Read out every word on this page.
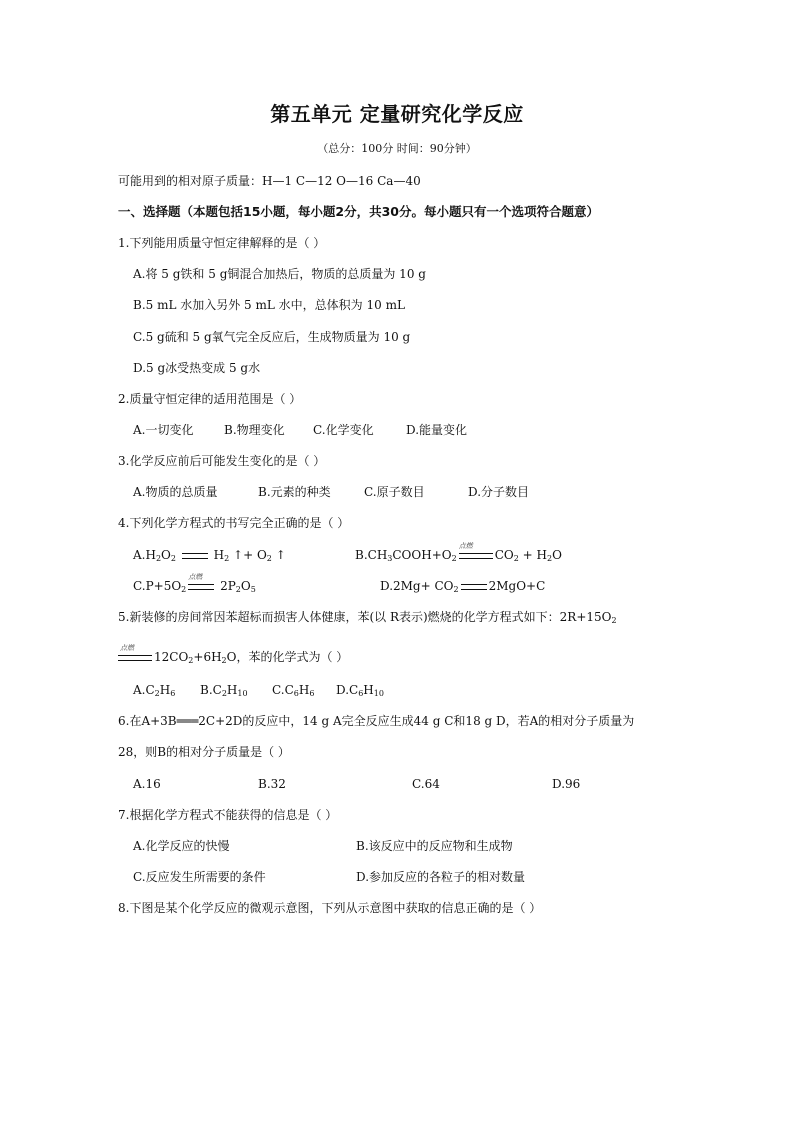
第五单元 定量研究化学反应
（总分：100分 时间：90分钟）
可能用到的相对原子质量：H—1 C—12 O—16 Ca—40
一、选择题（本题包括15小题，每小题2分，共30分。每小题只有一个选项符合题意）
1.下列能用质量守恒定律解释的是（ ）
A.将 5 g铁和 5 g铜混合加热后，物质的总质量为 10 g
B.5 mL 水加入另外 5 mL 水中，总体积为 10 mL
C.5 g硫和 5 g氧气完全反应后，生成物质量为 10 g
D.5 g冰受热变成 5 g水
2.质量守恒定律的适用范围是（ ）
A.一切变化	B.物理变化 C.化学变化	D.能量变化
3.化学反应前后可能发生变化的是（ ）
A.物质的总质量	B.元素的种类	C.原子数目	D.分子数目
4.下列化学方程式的书写完全正确的是（ ）
$A.H_2O_2$	$H_2$ ↑+ $O_2$ ↑	$B.CH_3COOH+O_2$
点燃
$CO_2 + H_2O$
$C.P+5O_2$
点燃
$2P_2O_5$	$D.2Mg+ CO_2$	2MgO+C
5.新装修的房间常因苯超标而损害人体健康，苯(以 R表示)燃烧的化学方程式如下：$2R+15O_2$
点燃
$12CO_2+6H_2O$，苯的化学式为（ ）
$A.C_2H_6$ $B.C_2H_{10}$ $C.C_6H_6$ $D.C_6H_{10}$
6.在A+3B═══2C+2D的反应中，14 g A完全反应生成44 g C和18 g D，若A的相对分子质量为
28，则B的相对分子质量是（ ）
A.16	B.32	C.64	D.96
7.根据化学方程式不能获得的信息是（ ）
A.化学反应的快慢	B.该反应中的反应物和生成物
C.反应发生所需要的条件	D.参加反应的各粒子的相对数量
8.下图是某个化学反应的微观示意图，下列从示意图中获取的信息正确的是（ ）
